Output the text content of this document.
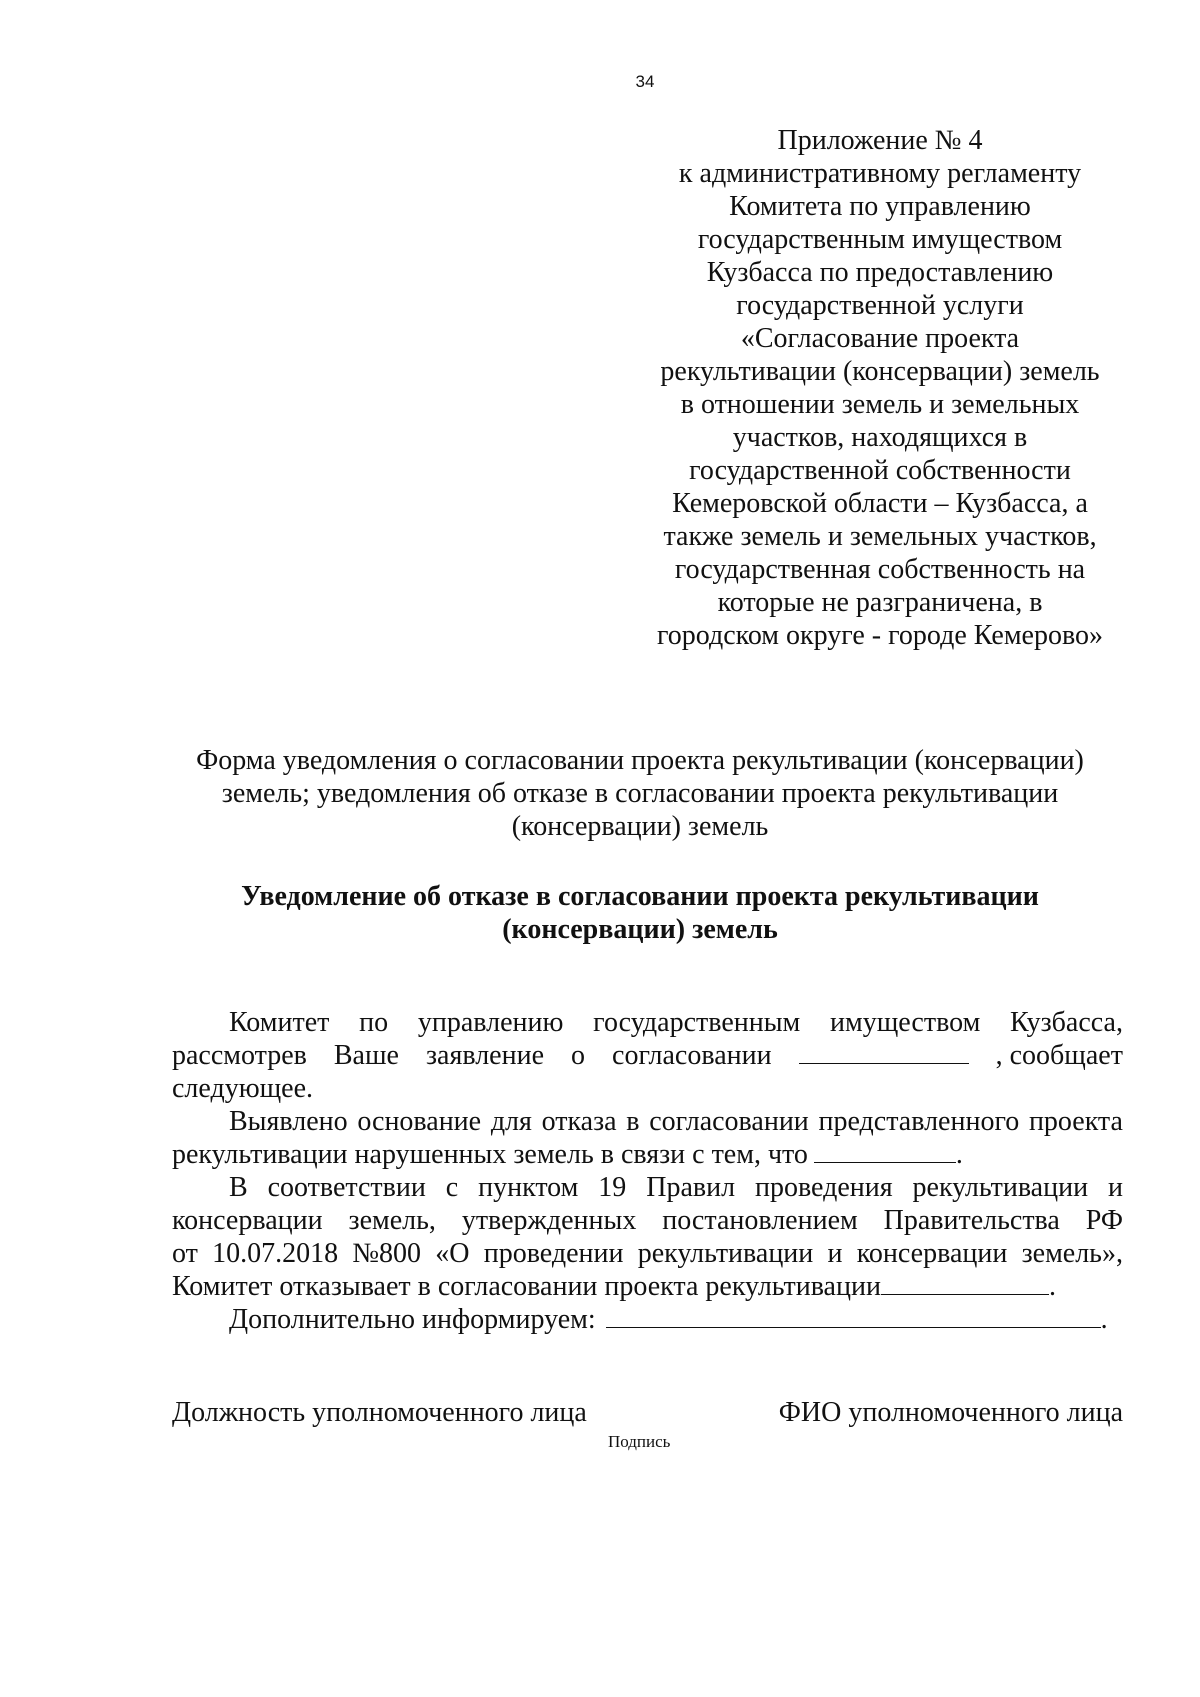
34
Приложение № 4
к административному регламенту
Комитета по управлению
государственным имуществом
Кузбасса по предоставлению
государственной услуги
«Согласование проекта
рекультивации (консервации) земель
в отношении земель и земельных
участков, находящихся в
государственной собственности
Кемеровской области – Кузбасса, а
также земель и земельных участков,
государственная собственность на
которые не разграничена, в
городском округе - городе Кемерово»
Форма уведомления о согласовании проекта рекультивации (консервации)
земель; уведомления об отказе в согласовании проекта рекультивации
(консервации) земель
Уведомление об отказе в согласовании проекта рекультивации
(консервации) земель
Комитет по управлению государственным имуществом Кузбасса,
рассмотрев Ваше заявление о согласовании	, сообщает
следующее.
Выявлено основание для отказа в согласовании представленного проекта
рекультивации нарушенных земель в связи с тем, что	.
В соответствии с пунктом 19 Правил проведения рекультивации и
консервации земель, утвержденных постановлением Правительства РФ
от 10.07.2018 №800 «О проведении рекультивации и консервации земель»,
Комитет отказывает в согласовании проекта рекультивации	.
Дополнительно информируем:	.
Должность уполномоченного лица	ФИО уполномоченного лица
Подпись
